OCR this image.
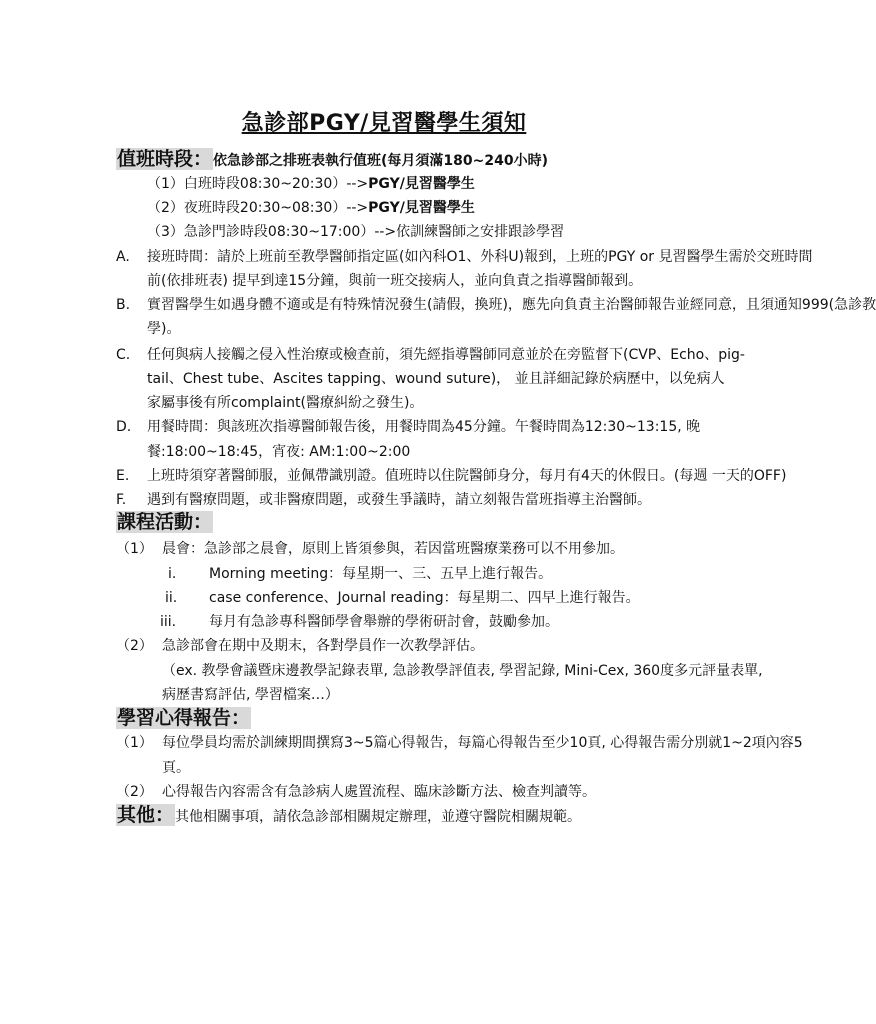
急診部PGY/見習醫學生須知
值班時段：依急診部之排班表執行值班(每月須滿180~240小時)
（1）白班時段08:30~20:30）-->PGY/見習醫學生
（2）夜班時段20:30~08:30）-->PGY/見習醫學生
（3）急診門診時段08:30~17:00）-->依訓練醫師之安排跟診學習
A. 接班時間：請於上班前至教學醫師指定區(如內科O1、外科U)報到，上班的PGY or 見習醫學生需於交班時間
前(依排班表) 提早到達15分鐘，與前一班交接病人，並向負責之指導醫師報到。
B. 實習醫學生如遇身體不適或是有特殊情況發生(請假，換班)，應先向負責主治醫師報告並經同意，且須通知999(急診教
學)。
C. 任何與病人接觸之侵入性治療或檢查前，須先經指導醫師同意並於在旁監督下(CVP、Echo、pig-
tail、Chest tube、Ascites tapping、wound suture)， 並且詳細記錄於病歷中，以免病人
家屬事後有所complaint(醫療糾紛之發生)。
D. 用餐時間：與該班次指導醫師報告後，用餐時間為45分鐘。午餐時間為12:30~13:15, 晚
餐:18:00~18:45，宵夜: AM:1:00~2:00
E. 上班時須穿著醫師服，並佩帶識別證。值班時以住院醫師身分，每月有4天的休假日。(每週 一天的OFF)
F. 遇到有醫療問題，或非醫療問題，或發生爭議時，請立刻報告當班指導主治醫師。
課程活動：
（1） 晨會：急診部之晨會，原則上皆須參與，若因當班醫療業務可以不用參加。
i. Morning meeting：每星期一、三、五早上進行報告。
ii. case conference、Journal reading：每星期二、四早上進行報告。
iii. 每月有急診專科醫師學會舉辦的學術研討會，鼓勵參加。
（2） 急診部會在期中及期末，各對學員作一次教學評估。
（ex. 教學會議暨床邊教學記錄表單, 急診教學評值表, 學習記錄, Mini-Cex, 360度多元評量表單,
病歷書寫評估, 學習檔案…）
學習心得報告：
（1） 每位學員均需於訓練期間撰寫3~5篇心得報告，每篇心得報告至少10頁, 心得報告需分別就1~2項內容5
頁。
（2） 心得報告內容需含有急診病人處置流程、臨床診斷方法、檢查判讀等。
其他：其他相關事項，請依急診部相關規定辦理，並遵守醫院相關規範。
